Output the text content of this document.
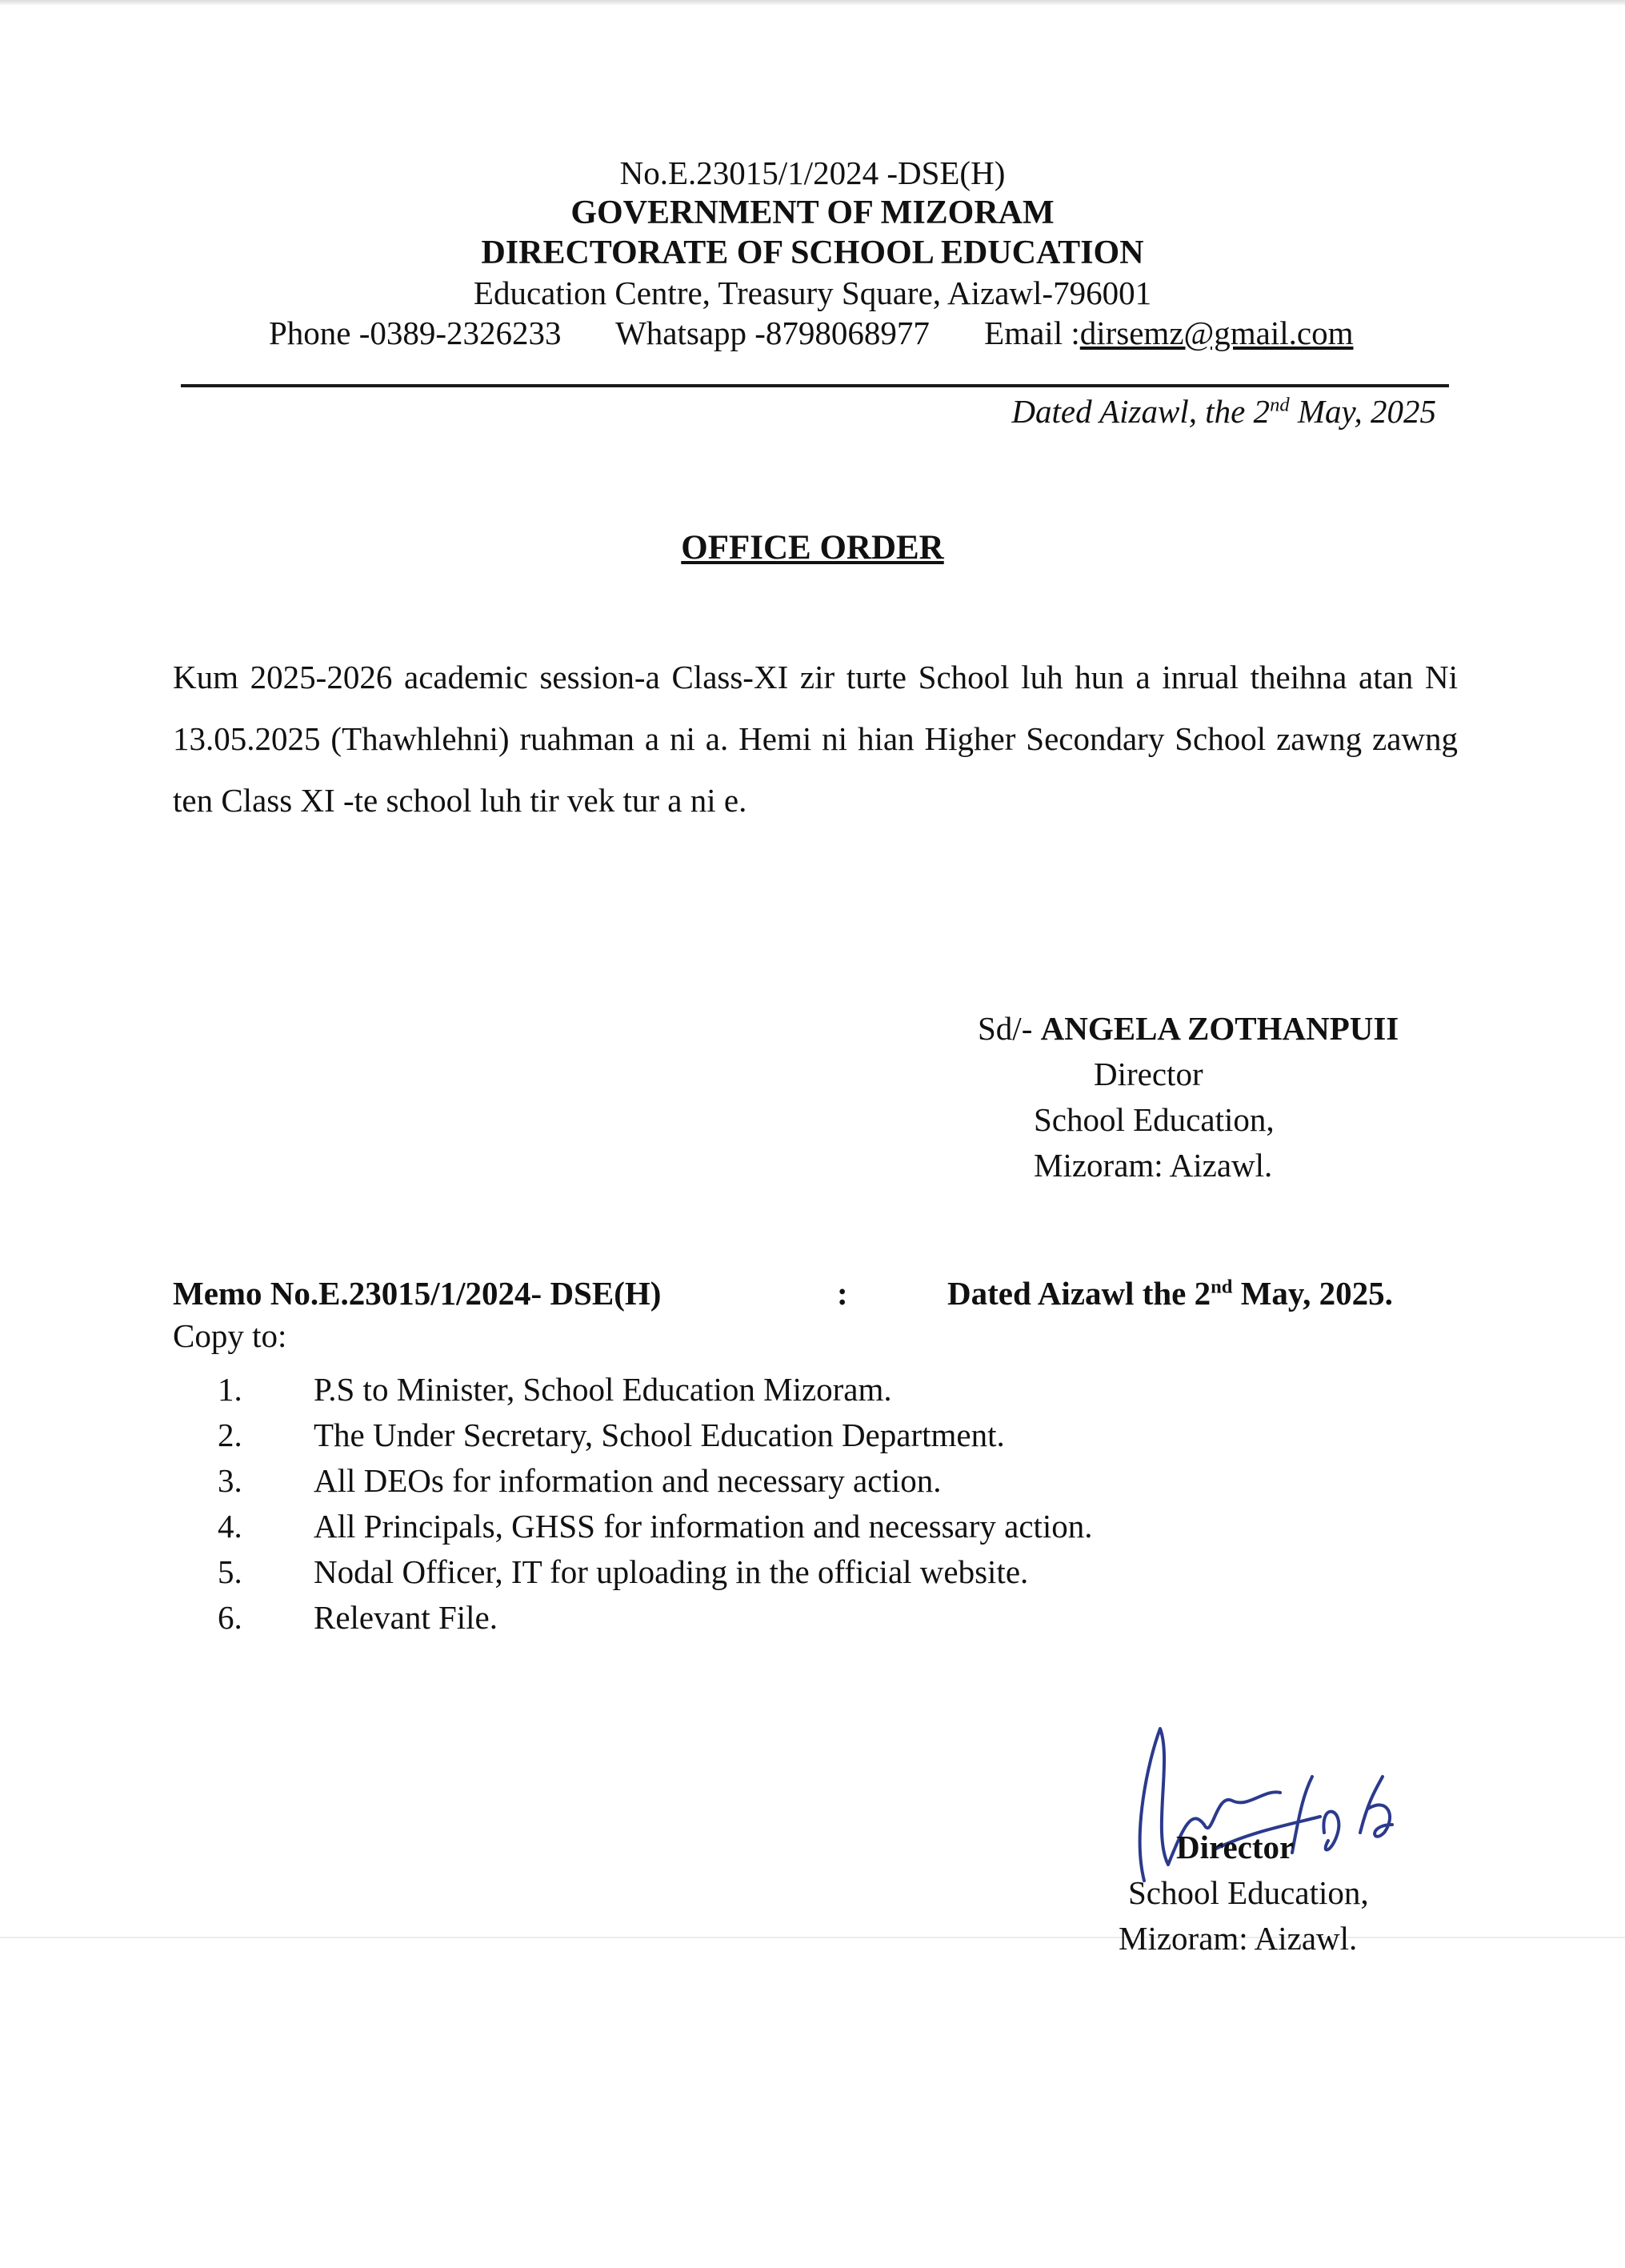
No.E.23015/1/2024 -DSE(H)
GOVERNMENT OF MIZORAM
DIRECTORATE OF SCHOOL EDUCATION
Education Centre, Treasury Square, Aizawl-796001
Phone -0389-2326233 Whatsapp -8798068977 Email :dirsemz@gmail.com
Dated Aizawl, the 2nd May, 2025
OFFICE ORDER
Kum 2025-2026 academic session-a Class-XI zir turte School luh hun a inrual theihna atan Ni 13.05.2025 (Thawhlehni) ruahman a ni a. Hemi ni hian Higher Secondary School zawng zawng ten Class XI -te school luh tir vek tur a ni e.
Sd/- ANGELA ZOTHANPUII
Director
School Education,
Mizoram: Aizawl.
Memo No.E.23015/1/2024- DSE(H)	:	Dated Aizawl the 2nd May, 2025.
Copy to:
1.	P.S to Minister, School Education Mizoram.
2.	The Under Secretary, School Education Department.
3.	All DEOs for information and necessary action.
4.	All Principals, GHSS for information and necessary action.
5.	Nodal Officer, IT for uploading in the official website.
6.	Relevant File.
Director
School Education,
Mizoram: Aizawl.
